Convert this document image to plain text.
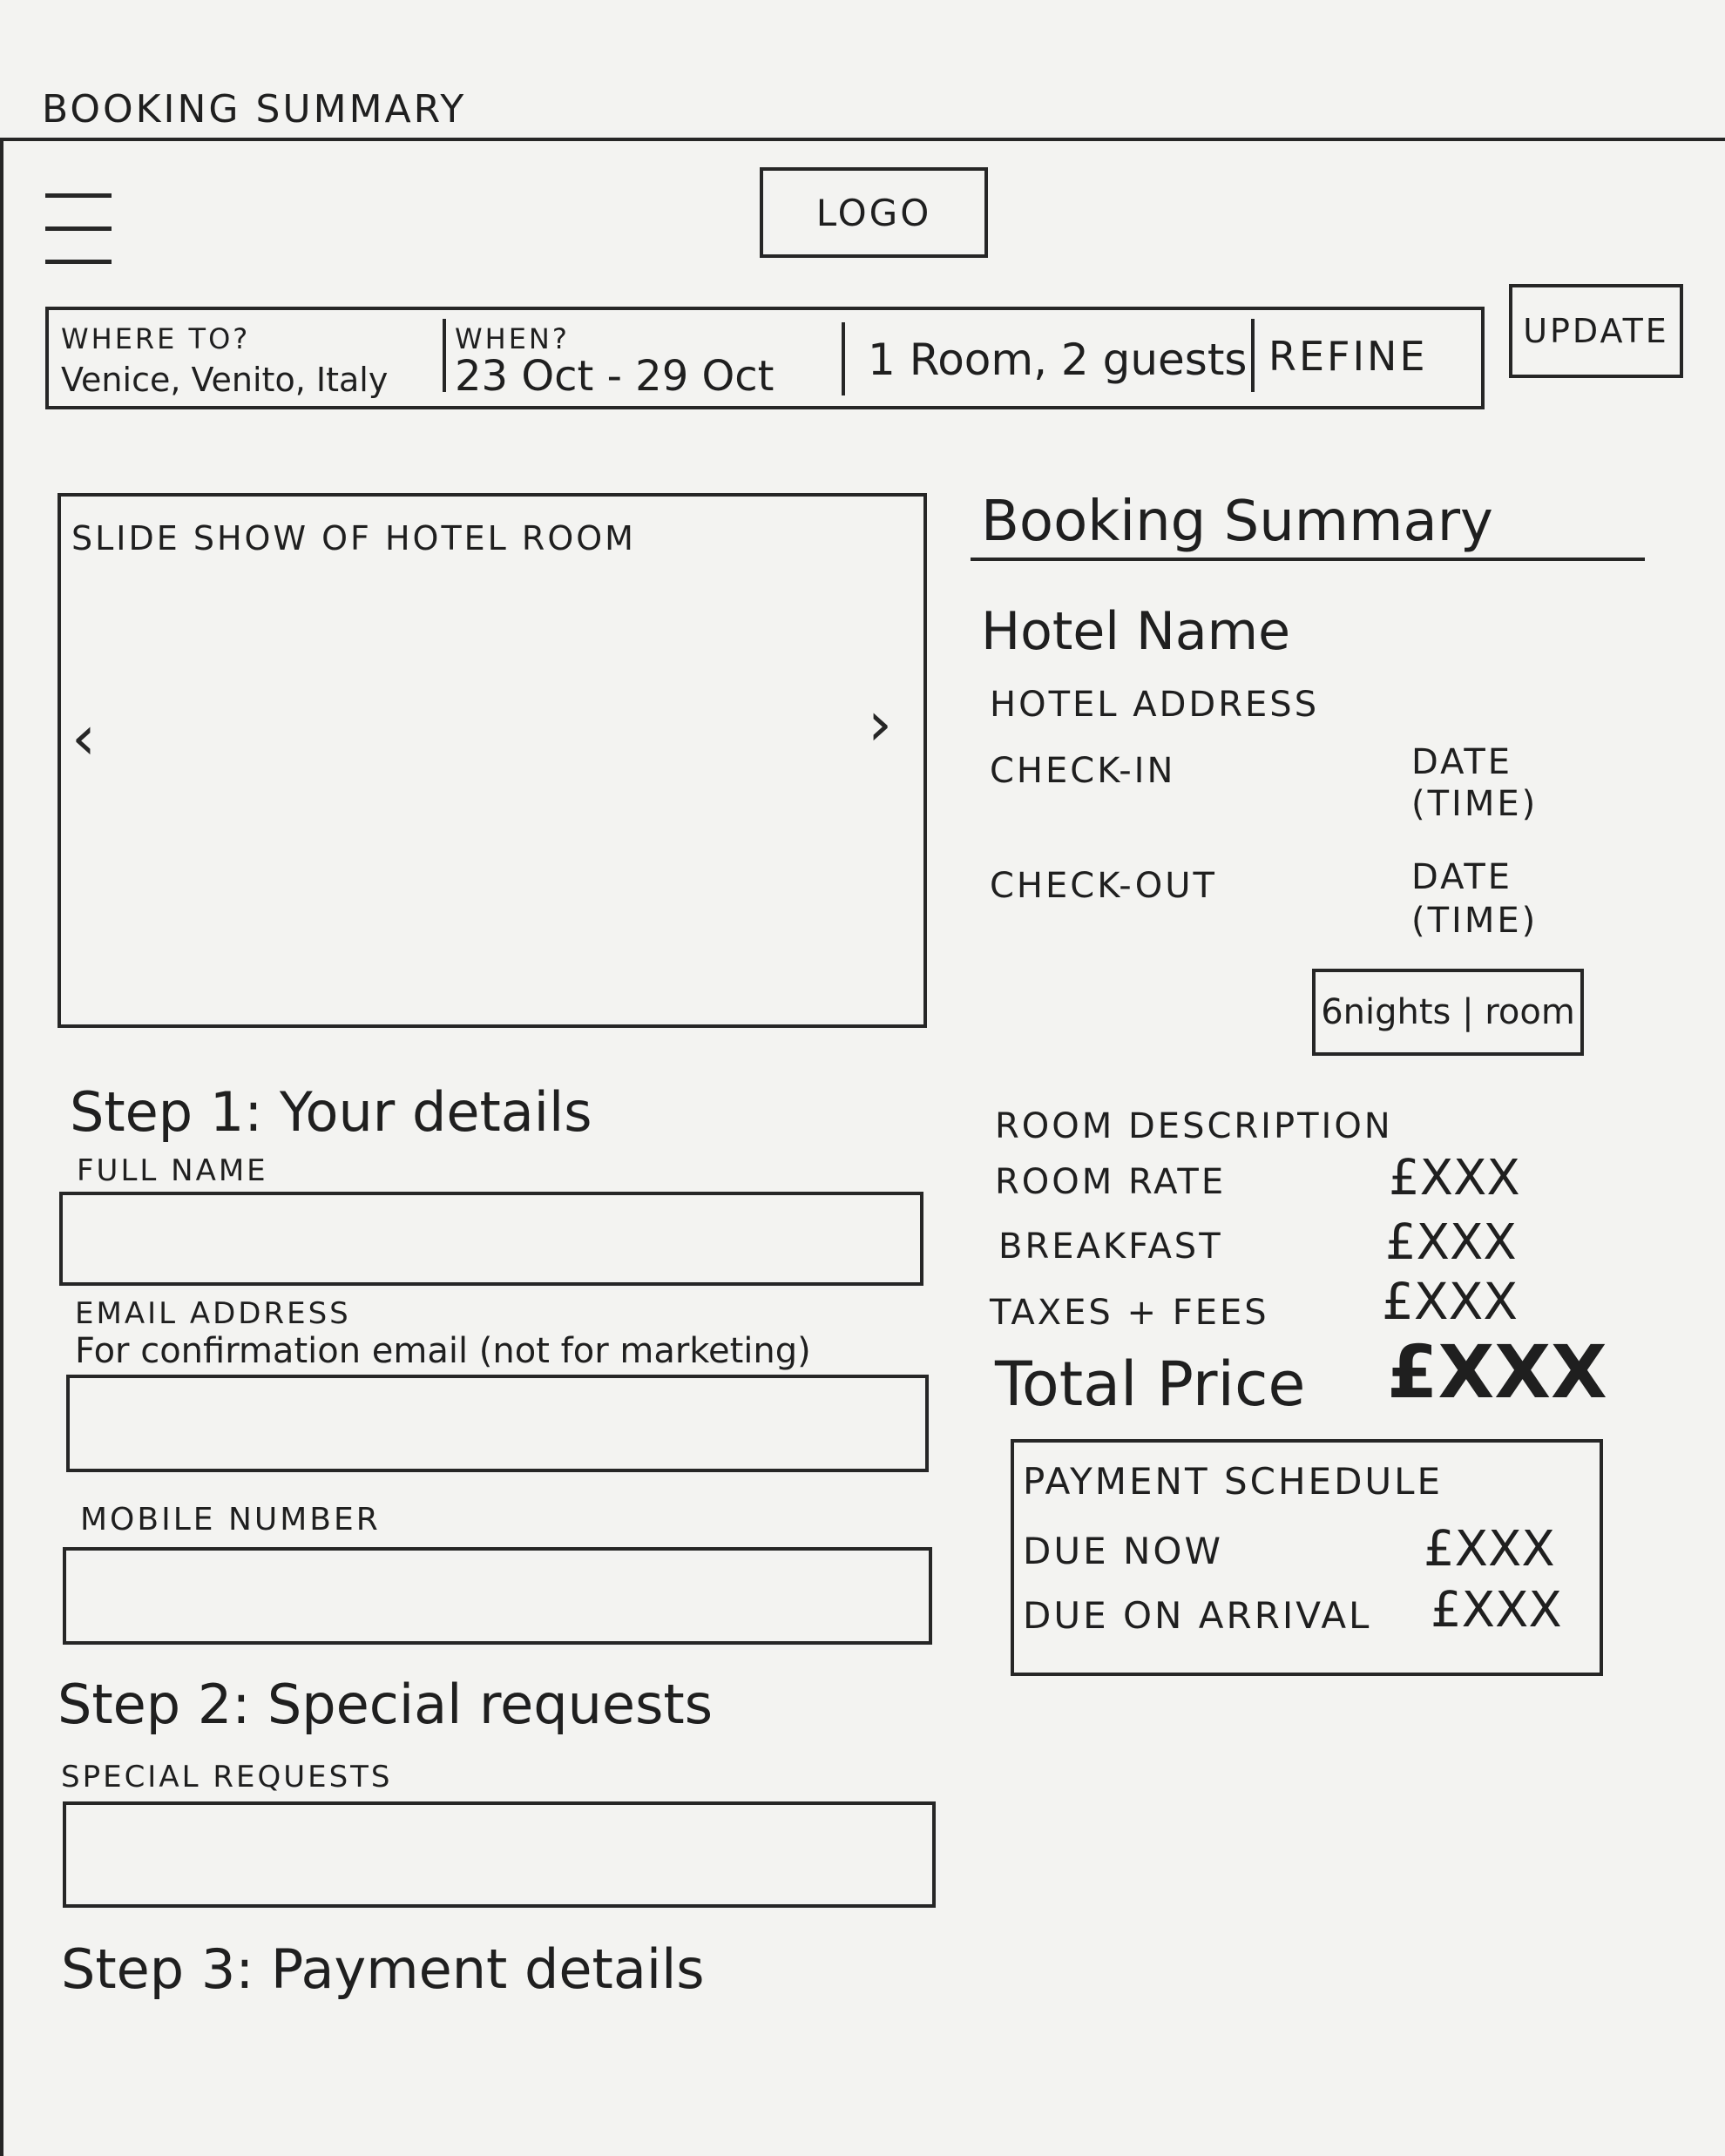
BOOKING SUMMARY
LOGO
WHERE TO?
Venice, Venito, Italy
WHEN?
23 Oct - 29 Oct 1 Room, 2 guests REFINE
UPDATE
SLIDE SHOW OF HOTEL ROOM
‹	›
Step 1: Your details
FULL NAME
EMAIL ADDRESS
For confirmation email (not for marketing)
MOBILE NUMBER
Step 2: Special requests
SPECIAL REQUESTS
Step 3: Payment details
Booking Summary
Hotel Name
HOTEL ADDRESS
CHECK-IN	DATE
(TIME)
CHECK-OUT	DATE
(TIME)
6nights | room
ROOM DESCRIPTION
ROOM RATE	£XXX
BREAKFAST	£XXX
TAXES + FEES £XXX
Total Price £XXX
PAYMENT SCHEDULE
DUE NOW	£XXX
DUE ON ARRIVAL £XXX
